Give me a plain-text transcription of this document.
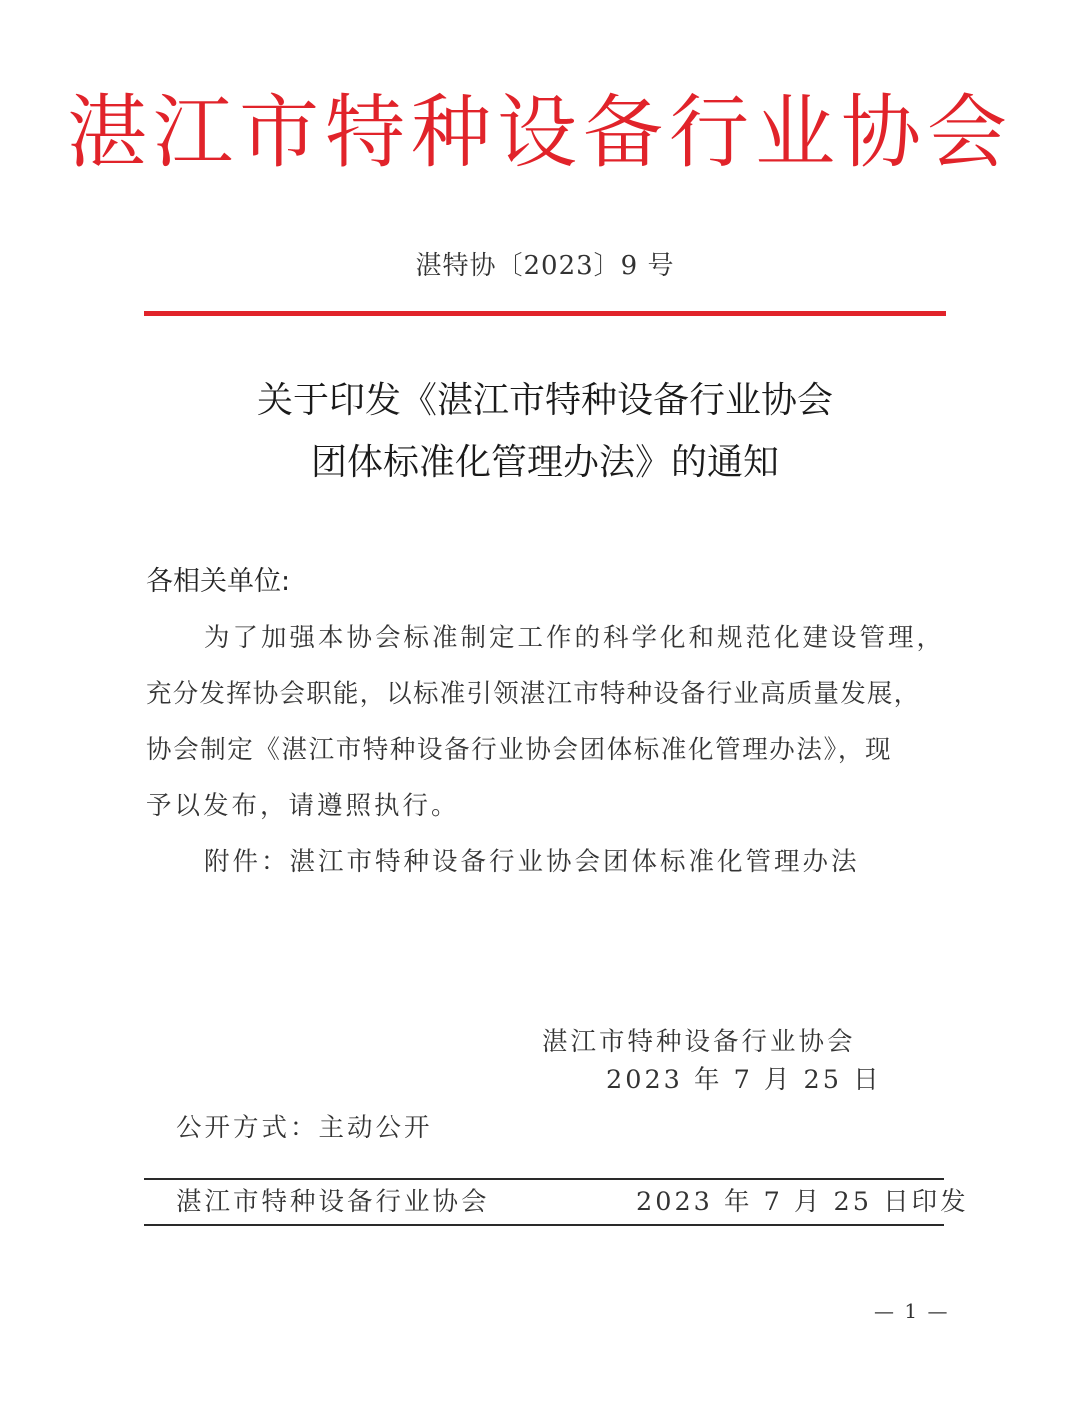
湛江市特种设备行业协会
湛特协〔2023〕9 号
关于印发《湛江市特种设备行业协会
团体标准化管理办法》的通知
各相关单位:
为了加强本协会标准制定工作的科学化和规范化建设管理，
充分发挥协会职能，以标准引领湛江市特种设备行业高质量发展，
协会制定《湛江市特种设备行业协会团体标准化管理办法》，现
予以发布，请遵照执行。
附件：湛江市特种设备行业协会团体标准化管理办法
湛江市特种设备行业协会
2023 年 7 月 25 日
公开方式：主动公开
湛江市特种设备行业协会	2023 年 7 月 25 日印发
— 1 —
